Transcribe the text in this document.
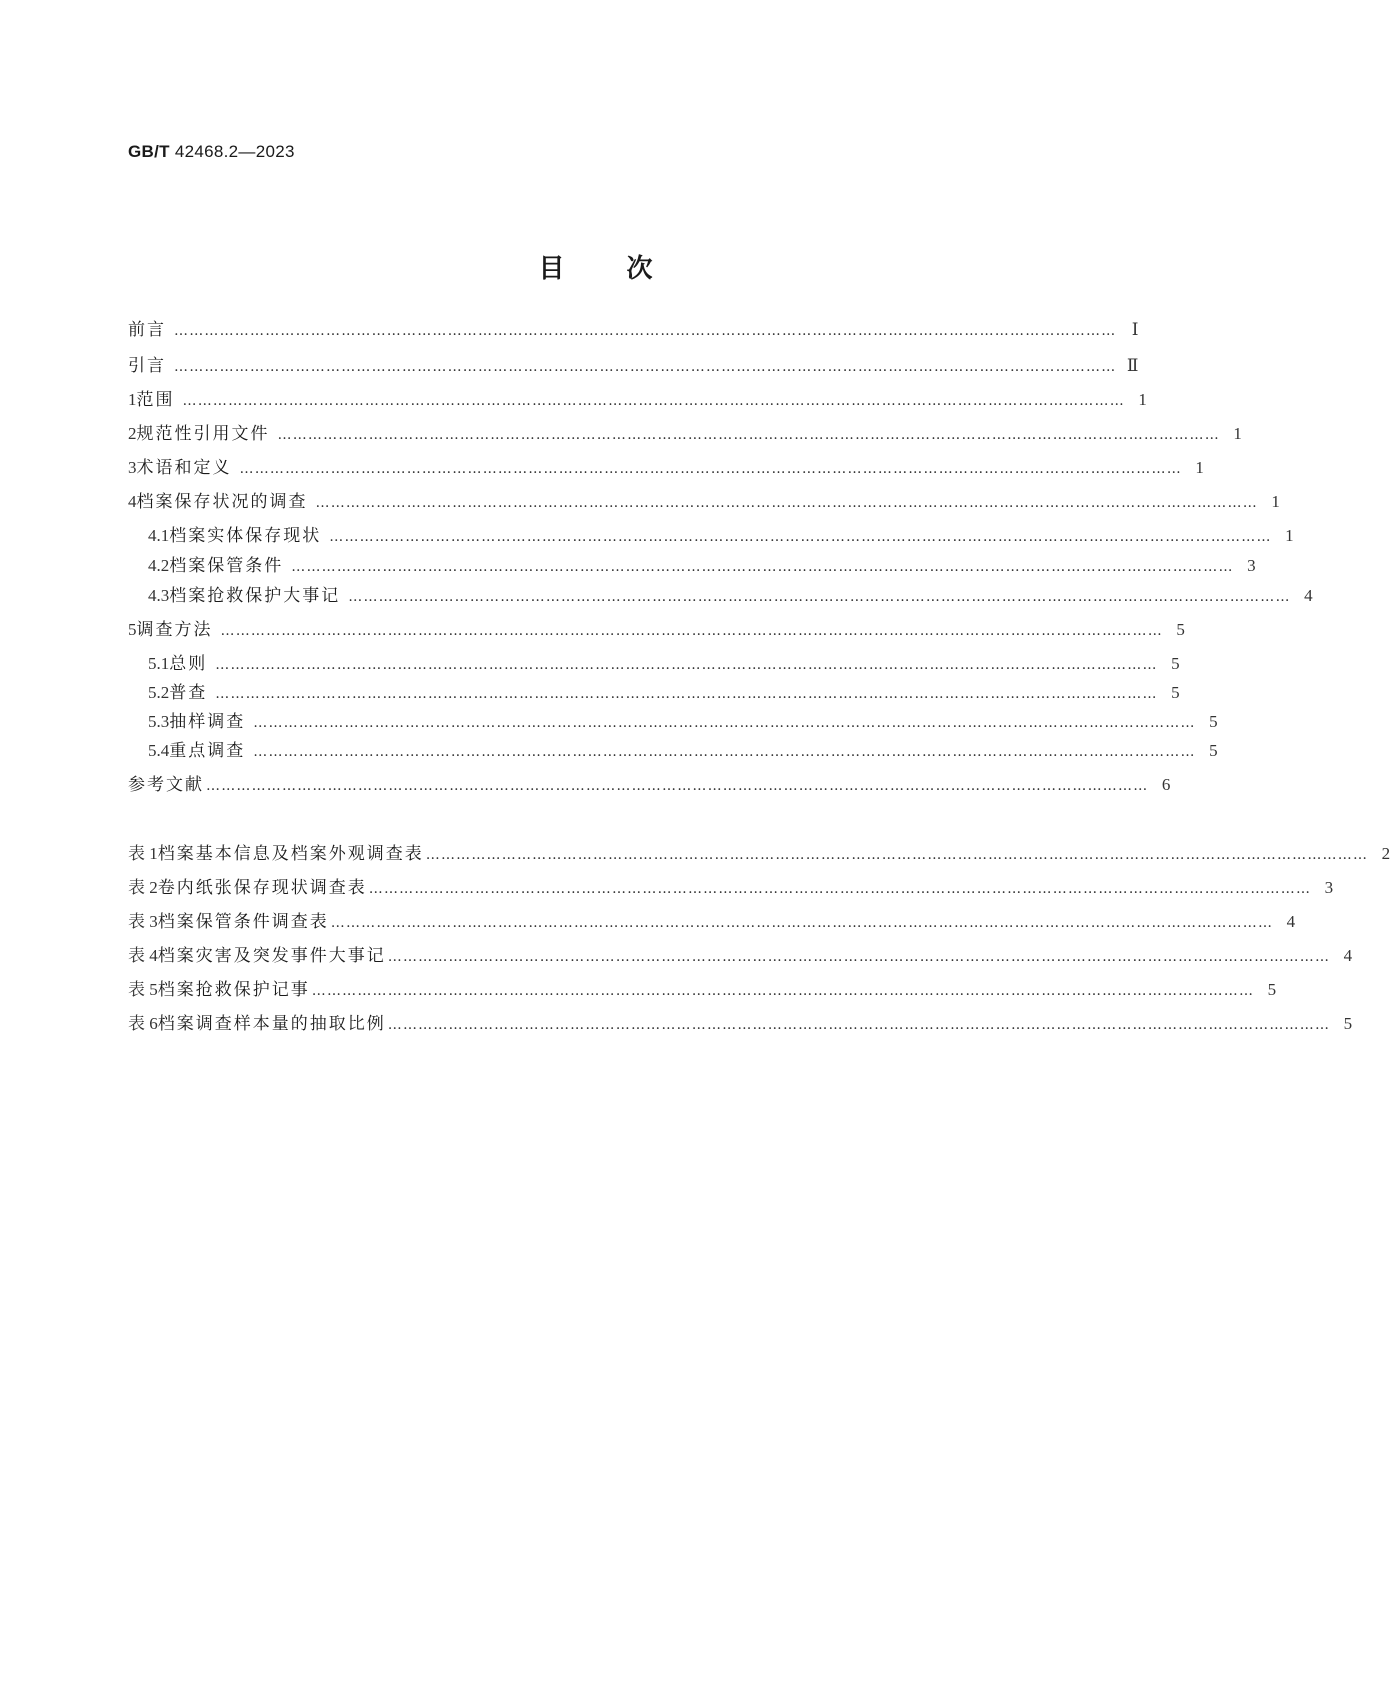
GB/T 42468.2—2023
目 次
前言 …………………………………………………………………………………………………………………………………………………………………… Ⅰ
引言 …………………………………………………………………………………………………………………………………………………………………… Ⅱ
1 范围 …………………………………………………………………………………………………………………………………………………………………… 1
2 规范性引用文件 …………………………………………………………………………………………………………………………………………………………………… 1
3 术语和定义 …………………………………………………………………………………………………………………………………………………………………… 1
4 档案保存状况的调查 …………………………………………………………………………………………………………………………………………………………………… 1
4.1 档案实体保存现状 …………………………………………………………………………………………………………………………………………………………………… 1
4.2 档案保管条件 …………………………………………………………………………………………………………………………………………………………………… 3
4.3 档案抢救保护大事记 …………………………………………………………………………………………………………………………………………………………………… 4
5 调查方法 …………………………………………………………………………………………………………………………………………………………………… 5
5.1 总则 …………………………………………………………………………………………………………………………………………………………………… 5
5.2 普查 …………………………………………………………………………………………………………………………………………………………………… 5
5.3 抽样调查 …………………………………………………………………………………………………………………………………………………………………… 5
5.4 重点调查 …………………………………………………………………………………………………………………………………………………………………… 5
参考文献 …………………………………………………………………………………………………………………………………………………………………… 6
表 1 档案基本信息及档案外观调查表 …………………………………………………………………………………………………………………………………………………………………… 2
表 2 卷内纸张保存现状调查表 …………………………………………………………………………………………………………………………………………………………………… 3
表 3 档案保管条件调查表 …………………………………………………………………………………………………………………………………………………………………… 4
表 4 档案灾害及突发事件大事记 …………………………………………………………………………………………………………………………………………………………………… 4
表 5 档案抢救保护记事 …………………………………………………………………………………………………………………………………………………………………… 5
表 6 档案调查样本量的抽取比例 …………………………………………………………………………………………………………………………………………………………………… 5
